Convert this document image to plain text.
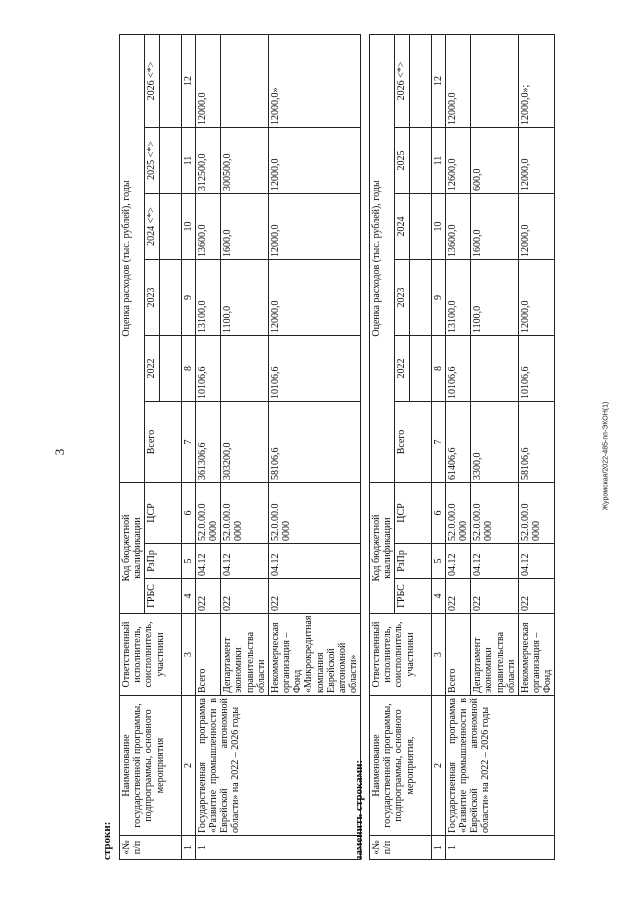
3	Журомская/2022-485-пп-ЭКОН(1)
строки: «№ п/п	Наименование государственной программы, подпрограммы, основного мероприятия	Ответственный исполнитель, соисполнитель, участники	Код бюджетной квалификации			Оценка расходов (тыс. рублей), годы					
			ГРБС	РзПр	ЦСР	Всего	2022	2023	2024 <*>	2025 <*>	2026 <*>

1	2	3	4	5	6	7	8	9	10	11	12
1	Государственная программа «Развитие промышленности в Еврейской автономной области» на 2022 – 2026 годы	Всего	022	04.12	52.0.00.0 0000	361306,6	10106,6	13100,0	13600,0	312500,0	12000,0
		Департамент экономики правительства области	022	04.12	52.0.00.0 0000	303200,0		1100,0	1600,0	300500,0	
		Некоммерческая организация – Фонд «Микрокредитная компания Еврейской автономной области»	022	04.12	52.0.00.0 0000	58106,6	10106,6	12000,0	12000,0	12000,0	12000,0»
заменить строками: «№ п/п	Наименование государственной программы, подпрограммы, основного мероприятия,	Ответственный исполнитель, соисполнитель, участники	Код бюджетной квалификации			Оценка расходов (тыс. рублей), годы					
			ГРБС	РзПр	ЦСР	Всего	2022	2023	2024	2025	2026 <*>

1	2	3	4	5	6	7	8	9	10	11	12
1	Государственная программа «Развитие промышленности в Еврейской автономной области» на 2022 – 2026 годы	Всего	022	04.12	52.0.00.0 0000	61406,6	10106,6	13100,0	13600,0	12600,0	12000,0
		Департамент экономики правительства области	022	04.12	52.0.00.0 0000	3300,0		1100,0	1600,0	600,0	
		Некоммерческая организация – Фонд	022	04.12	52.0.00.0 0000	58106,6	10106,6	12000,0	12000,0	12000,0	12000,0»;
